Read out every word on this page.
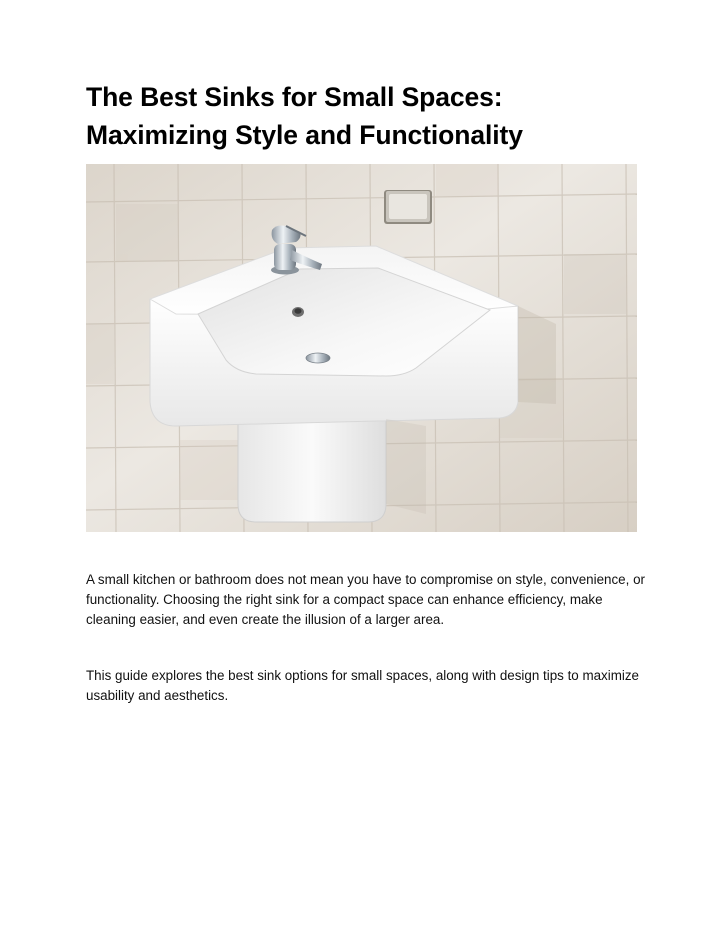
The Best Sinks for Small Spaces: Maximizing Style and Functionality

A small kitchen or bathroom does not mean you have to compromise on style, convenience, or functionality. Choosing the right sink for a compact space can enhance efficiency, make cleaning easier, and even create the illusion of a larger area.

This guide explores the best sink options for small spaces, along with design tips to maximize usability and aesthetics.
